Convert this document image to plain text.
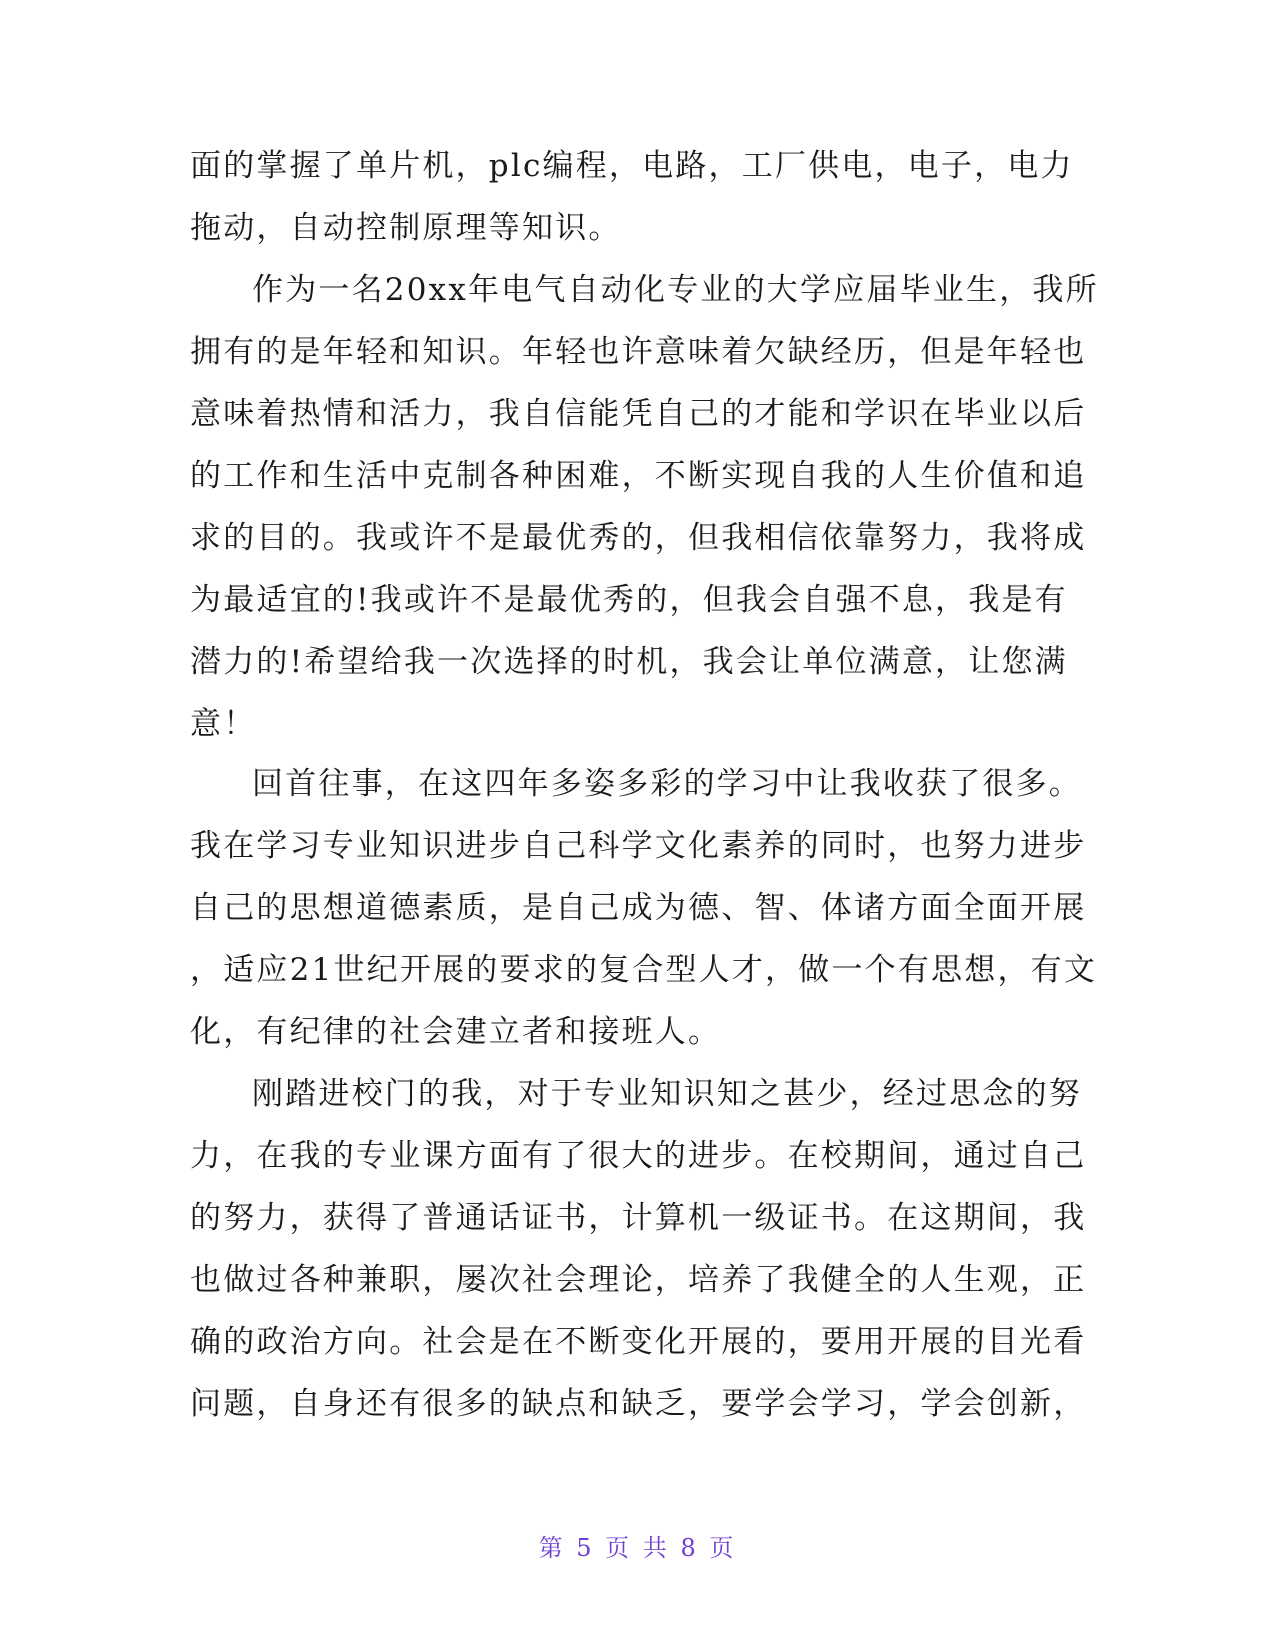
面的掌握了单片机，plc编程，电路，工厂供电，电子，电力
拖动，自动控制原理等知识。
作为一名20xx年电气自动化专业的大学应届毕业生，我所
拥有的是年轻和知识。年轻也许意味着欠缺经历，但是年轻也
意味着热情和活力，我自信能凭自己的才能和学识在毕业以后
的工作和生活中克制各种困难，不断实现自我的人生价值和追
求的目的。我或许不是最优秀的，但我相信依靠努力，我将成
为最适宜的!我或许不是最优秀的，但我会自强不息，我是有
潜力的!希望给我一次选择的时机，我会让单位满意，让您满
意！
回首往事，在这四年多姿多彩的学习中让我收获了很多。
我在学习专业知识进步自己科学文化素养的同时，也努力进步
自己的思想道德素质，是自己成为德、智、体诸方面全面开展
，适应21世纪开展的要求的复合型人才，做一个有思想，有文
化，有纪律的社会建立者和接班人。
刚踏进校门的我，对于专业知识知之甚少，经过思念的努
力，在我的专业课方面有了很大的进步。在校期间，通过自己
的努力，获得了普通话证书，计算机一级证书。在这期间，我
也做过各种兼职，屡次社会理论，培养了我健全的人生观，正
确的政治方向。社会是在不断变化开展的，要用开展的目光看
问题，自身还有很多的缺点和缺乏，要学会学习，学会创新，
第 5 页 共 8 页
